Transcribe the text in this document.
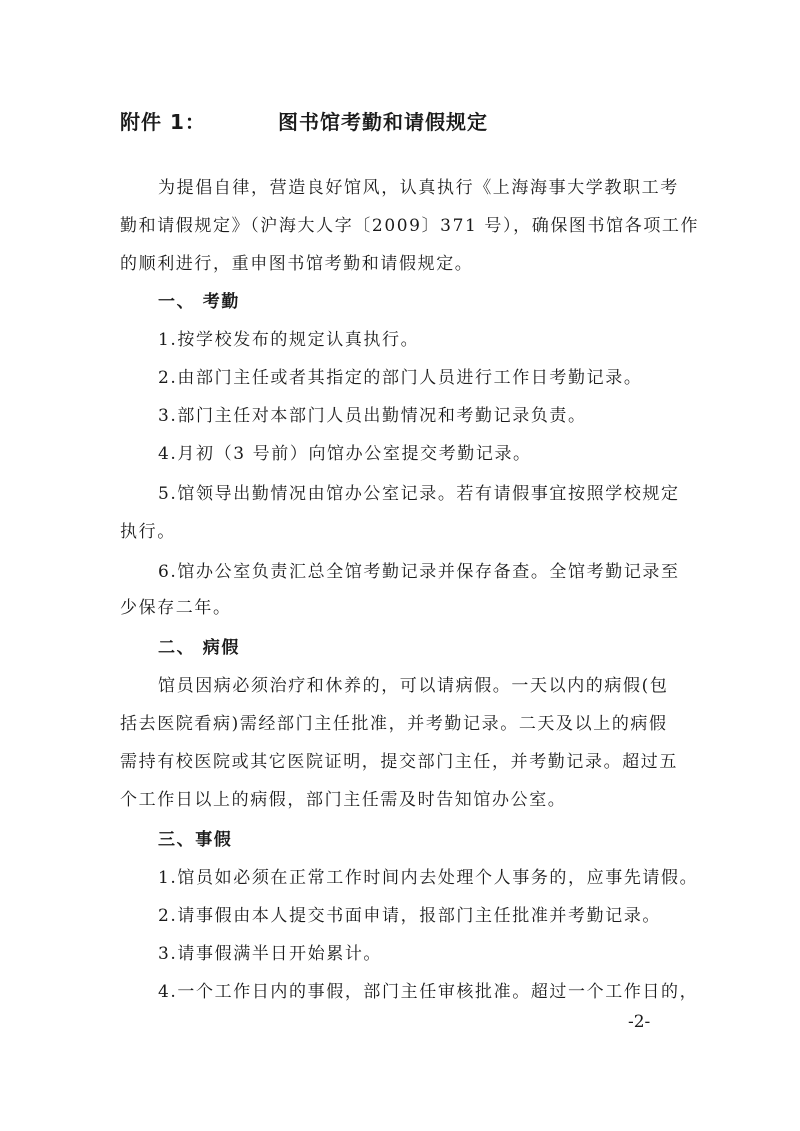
附件 1：	图书馆考勤和请假规定
为提倡自律，营造良好馆风，认真执行《上海海事大学教职工考
勤和请假规定》（沪海大人字〔2009〕371 号），确保图书馆各项工作
的顺利进行，重申图书馆考勤和请假规定。
一、 考勤
1.按学校发布的规定认真执行。
2.由部门主任或者其指定的部门人员进行工作日考勤记录。
3.部门主任对本部门人员出勤情况和考勤记录负责。
4.月初（3 号前）向馆办公室提交考勤记录。
5.馆领导出勤情况由馆办公室记录。若有请假事宜按照学校规定
执行。
6.馆办公室负责汇总全馆考勤记录并保存备查。全馆考勤记录至
少保存二年。
二、 病假
馆员因病必须治疗和休养的，可以请病假。一天以内的病假(包
括去医院看病)需经部门主任批准，并考勤记录。二天及以上的病假
需持有校医院或其它医院证明，提交部门主任，并考勤记录。超过五
个工作日以上的病假，部门主任需及时告知馆办公室。
三、事假
1.馆员如必须在正常工作时间内去处理个人事务的，应事先请假。
2.请事假由本人提交书面申请，报部门主任批准并考勤记录。
3.请事假满半日开始累计。
4.一个工作日内的事假，部门主任审核批准。超过一个工作日的，
-2-
